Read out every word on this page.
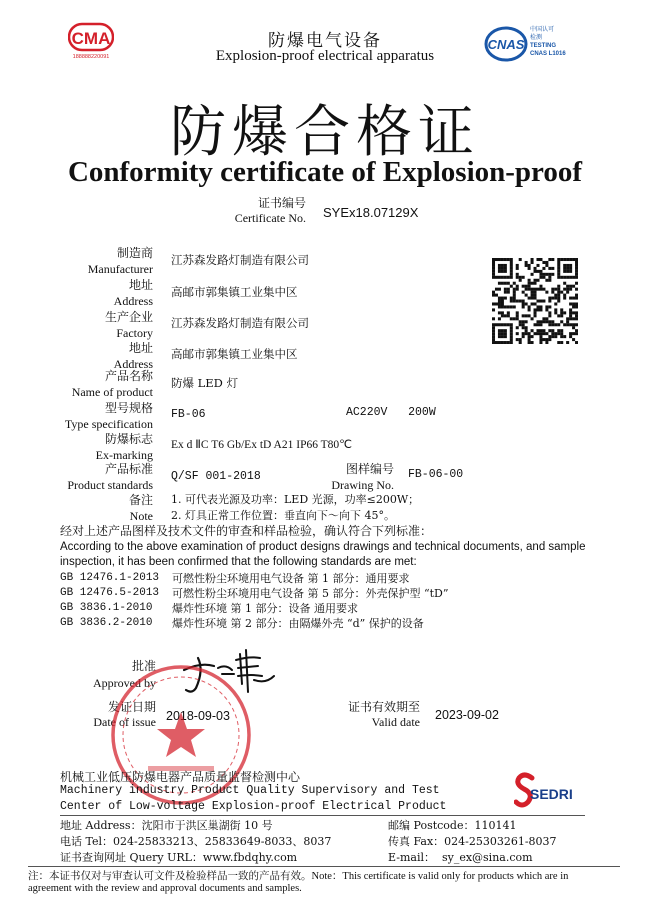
CMA
188888220091
CNAS
中国认可
检测
TESTING
CNAS L1016
防爆电气设备
Explosion-proof electrical apparatus
防爆合格证
Conformity certificate of Explosion-proof
证书编号
Certificate No. SYEx18.07129X
制造商
Manufacturer
江苏森发路灯制造有限公司
地址
Address
高邮市郭集镇工业集中区
生产企业
Factory
江苏森发路灯制造有限公司
地址
Address
高邮市郭集镇工业集中区
产品名称
Name of product
防爆 LED 灯
型号规格
Type specification
FB-06	AC220V   200W
防爆标志
Ex-marking
Ex d ⅡC T6 Gb/Ex tD A21 IP66 T80℃
产品标准
Product standards
Q/SF 001-2018
图样编号
Drawing No.
FB-06-00
备注
Note
1. 可代表光源及功率：LED 光源，功率≤200W；
2. 灯具正常工作位置：垂直向下～向下 45°。
经对上述产品图样及技术文件的审查和样品检验，确认符合下列标准：
According to the above examination of product designs drawings and technical documents, and sample
inspection, it has been confirmed that the following standards are met:
GB 12476.1-2013	可燃性粉尘环境用电气设备 第 1 部分：通用要求
GB 12476.5-2013	可燃性粉尘环境用电气设备 第 5 部分：外壳保护型 “tD”
GB 3836.1-2010	爆炸性环境 第 1 部分：设备 通用要求
GB 3836.2-2010	爆炸性环境 第 2 部分：由隔爆外壳 “d” 保护的设备
批准
Approved by
发证日期
Date of issue 2018-09-03
证书有效期至
Valid date 2023-09-02
机械工业低压防爆电器产品质量监督检测中心
Machinery industry Product Quality Supervisory and Test
Center of Low-voltage Explosion-proof Electrical Product
SEDRI
地址 Address：沈阳市于洪区巢湖街 10 号	邮编 Postcode：110141
电话 Tel：024-25833213、25833649-8033、8037	传真 Fax：024-25303261-8037
证书查询网址 Query URL：www.fbdqhy.com	E-mail：  sy_ex@sina.com
注：本证书仅对与审查认可文件及检验样品一致的产品有效。Note：This certificate is valid only for products which are in
agreement with the review and approval documents and samples.
